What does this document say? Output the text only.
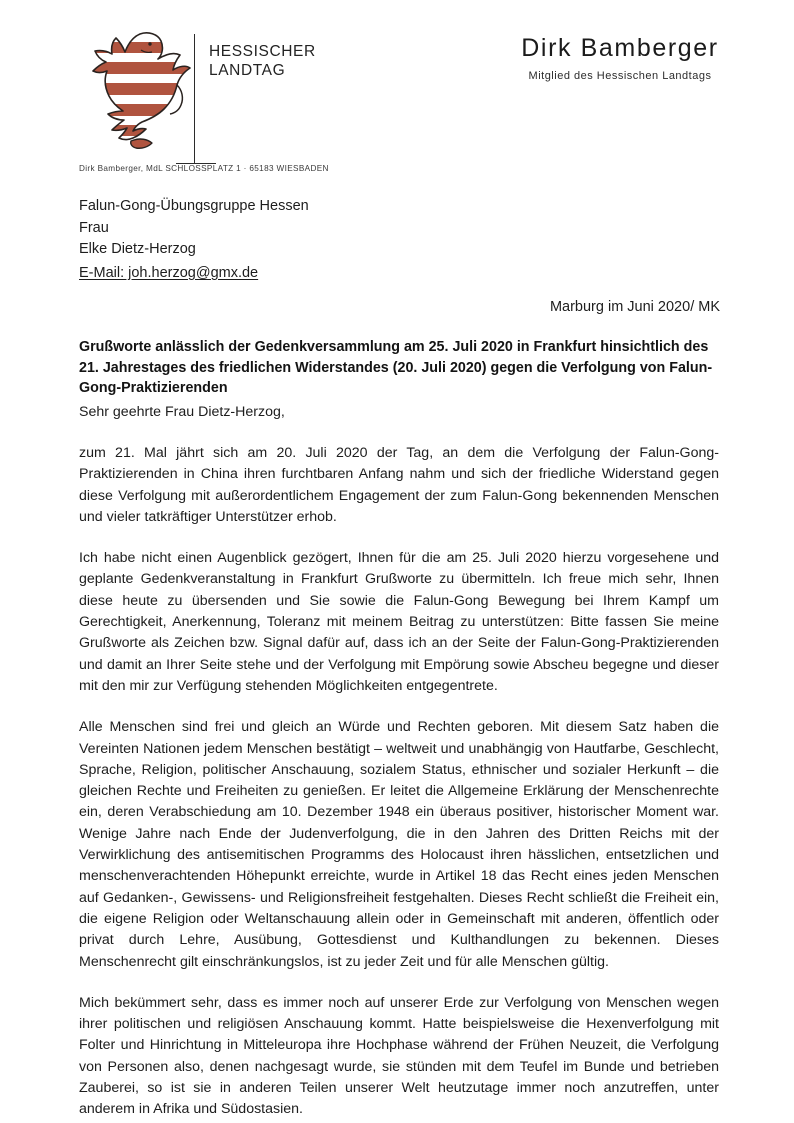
HESSISCHER
LANDTAG
Dirk Bamberger
Mitglied des Hessischen Landtags
Dirk Bamberger, MdL SCHLOSSPLATZ 1 · 65183 WIESBADEN
Falun-Gong-Übungsgruppe Hessen
Frau
Elke Dietz-Herzog
E-Mail: joh.herzog@gmx.de
Marburg im Juni 2020/ MK
Grußworte anlässlich der Gedenkversammlung am 25. Juli 2020 in Frankfurt hinsichtlich des 21. Jahrestages des friedlichen Widerstandes (20. Juli 2020) gegen die Verfolgung von Falun-Gong-Praktizierenden
Sehr geehrte Frau Dietz-Herzog,

zum 21. Mal jährt sich am 20. Juli 2020 der Tag, an dem die Verfolgung der Falun-Gong-Praktizierenden in China ihren furchtbaren Anfang nahm und sich der friedliche Widerstand gegen diese Verfolgung mit außerordentlichem Engagement der zum Falun-Gong bekennenden Menschen und vieler tatkräftiger Unterstützer erhob.

Ich habe nicht einen Augenblick gezögert, Ihnen für die am 25. Juli 2020 hierzu vorgesehene und geplante Gedenkveranstaltung in Frankfurt Grußworte zu übermitteln. Ich freue mich sehr, Ihnen diese heute zu übersenden und Sie sowie die Falun-Gong Bewegung bei Ihrem Kampf um Gerechtigkeit, Anerkennung, Toleranz mit meinem Beitrag zu unterstützen: Bitte fassen Sie meine Grußworte als Zeichen bzw. Signal dafür auf, dass ich an der Seite der Falun-Gong-Praktizierenden und damit an Ihrer Seite stehe und der Verfolgung mit Empörung sowie Abscheu begegne und dieser mit den mir zur Verfügung stehenden Möglichkeiten entgegentrete.

Alle Menschen sind frei und gleich an Würde und Rechten geboren. Mit diesem Satz haben die Vereinten Nationen jedem Menschen bestätigt – weltweit und unabhängig von Hautfarbe, Geschlecht, Sprache, Religion, politischer Anschauung, sozialem Status, ethnischer und sozialer Herkunft – die gleichen Rechte und Freiheiten zu genießen. Er leitet die Allgemeine Erklärung der Menschenrechte ein, deren Verabschiedung am 10. Dezember 1948 ein überaus positiver, historischer Moment war. Wenige Jahre nach Ende der Judenverfolgung, die in den Jahren des Dritten Reichs mit der Verwirklichung des antisemitischen Programms des Holocaust ihren hässlichen, entsetzlichen und menschenverachtenden Höhepunkt erreichte, wurde in Artikel 18 das Recht eines jeden Menschen auf Gedanken-, Gewissens- und Religionsfreiheit festgehalten. Dieses Recht schließt die Freiheit ein, die eigene Religion oder Weltanschauung allein oder in Gemeinschaft mit anderen, öffentlich oder privat durch Lehre, Ausübung, Gottesdienst und Kulthandlungen zu bekennen. Dieses Menschenrecht gilt einschränkungslos, ist zu jeder Zeit und für alle Menschen gültig.

Mich bekümmert sehr, dass es immer noch auf unserer Erde zur Verfolgung von Menschen wegen ihrer politischen und religiösen Anschauung kommt. Hatte beispielsweise die Hexenverfolgung mit Folter und Hinrichtung in Mitteleuropa ihre Hochphase während der Frühen Neuzeit, die Verfolgung von Personen also, denen nachgesagt wurde, sie stünden mit dem Teufel im Bunde und betrieben Zauberei, so ist sie in anderen Teilen unserer Welt heutzutage immer noch anzutreffen, unter anderem in Afrika und Südostasien.
